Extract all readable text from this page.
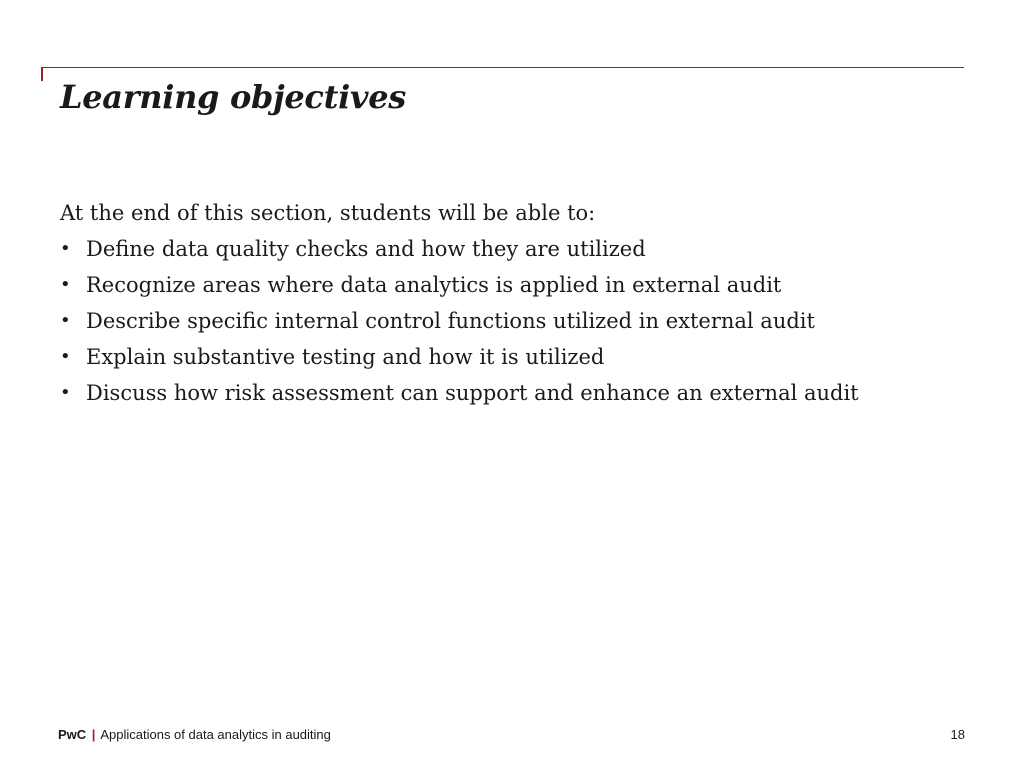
Learning objectives

At the end of this section, students will be able to:

• Define data quality checks and how they are utilized
• Recognize areas where data analytics is applied in external audit
• Describe specific internal control functions utilized in external audit
• Explain substantive testing and how it is utilized
• Discuss how risk assessment can support and enhance an external audit
PwC | Applications of data analytics in auditing	18
